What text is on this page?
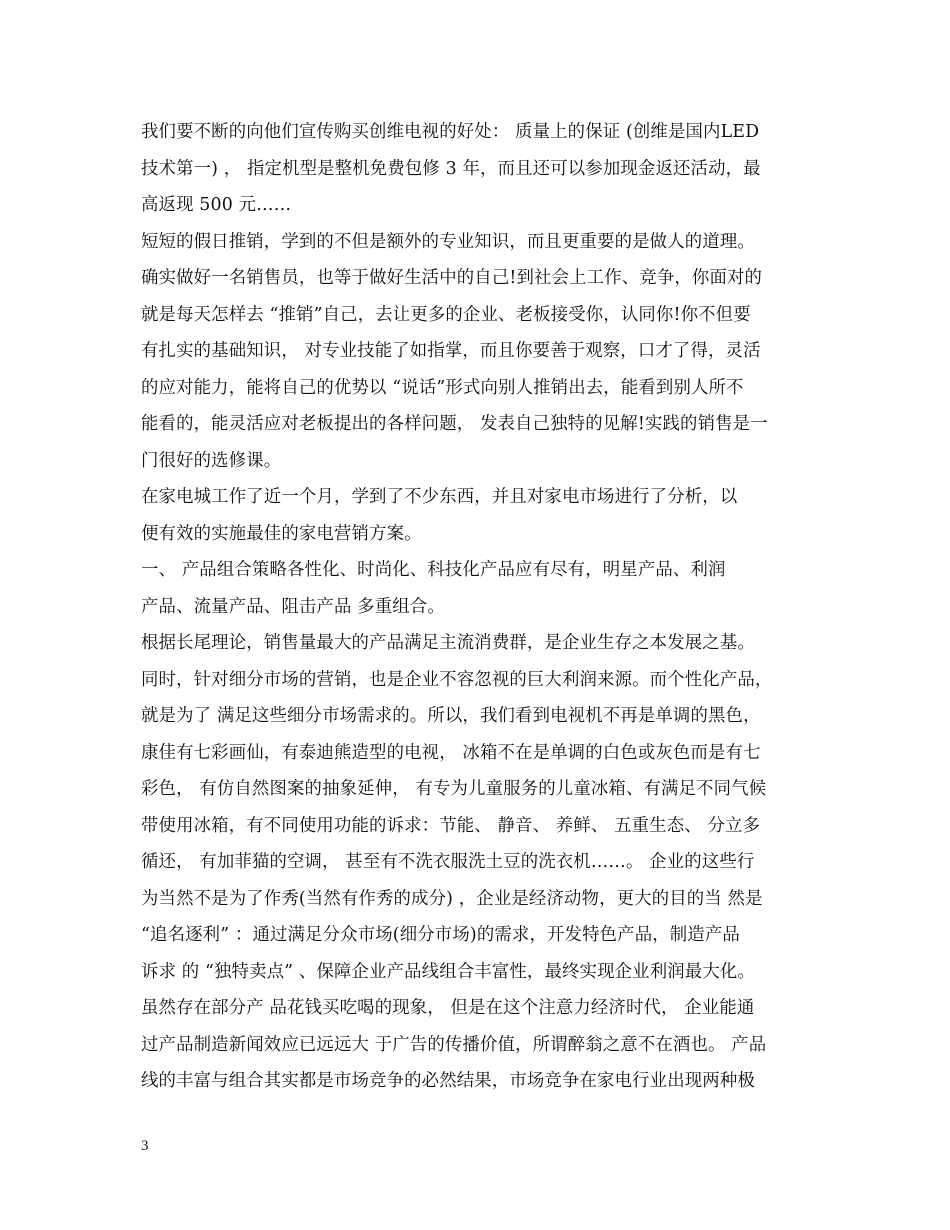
我们要不断的向他们宣传购买创维电视的好处： 质量上的保证 (创维是国内LED
技术第一) ， 指定机型是整机免费包修 3 年，而且还可以参加现金返还活动，最
高返现 500 元……
短短的假日推销，学到的不但是额外的专业知识，而且更重要的是做人的道理。
确实做好一名销售员，也等于做好生活中的自己!到社会上工作、竞争，你面对的
就是每天怎样去 “推销”自己，去让更多的企业、老板接受你，认同你!你不但要
有扎实的基础知识， 对专业技能了如指掌，而且你要善于观察，口才了得，灵活
的应对能力，能将自己的优势以 “说话”形式向别人推销出去，能看到别人所不
能看的，能灵活应对老板提出的各样问题， 发表自己独特的见解!实践的销售是一
门很好的选修课。
在家电城工作了近一个月，学到了不少东西，并且对家电市场进行了分析，以
便有效的实施最佳的家电营销方案。
一、 产品组合策略各性化、时尚化、科技化产品应有尽有，明星产品、利润
产品、流量产品、阻击产品 多重组合。
根据长尾理论，销售量最大的产品满足主流消费群，是企业生存之本发展之基。
同时，针对细分市场的营销，也是企业不容忽视的巨大利润来源。而个性化产品，
就是为了 满足这些细分市场需求的。所以，我们看到电视机不再是单调的黑色，
康佳有七彩画仙，有泰迪熊造型的电视， 冰箱不在是单调的白色或灰色而是有七
彩色， 有仿自然图案的抽象延伸， 有专为儿童服务的儿童冰箱、有满足不同气候
带使用冰箱，有不同使用功能的诉求：节能、 静音、 养鲜、 五重生态、 分立多
循还， 有加菲猫的空调， 甚至有不洗衣服洗土豆的洗衣机……。 企业的这些行
为当然不是为了作秀(当然有作秀的成分) ，企业是经济动物，更大的目的当 然是
“追名逐利” ：通过满足分众市场(细分市场)的需求，开发特色产品，制造产品
诉求 的 “独特卖点” 、保障企业产品线组合丰富性，最终实现企业利润最大化。
虽然存在部分产 品花钱买吃喝的现象， 但是在这个注意力经济时代， 企业能通
过产品制造新闻效应已远远大 于广告的传播价值，所谓醉翁之意不在酒也。 产品
线的丰富与组合其实都是市场竞争的必然结果，市场竞争在家电行业出现两种极
3
